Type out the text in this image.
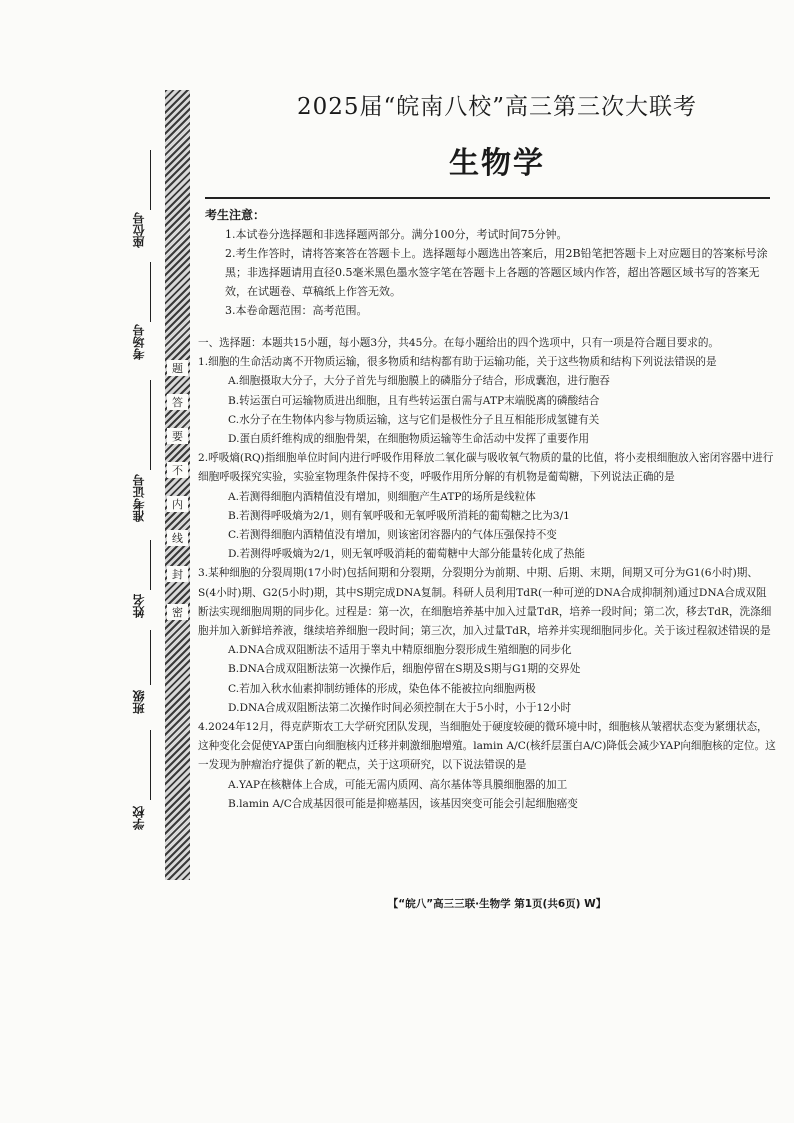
题
答
要
不
内
线
封
密
座位号
考场号
准考证号
姓名
班级
学校
2025届“皖南八校”高三第三次大联考
生物学
考生注意：
1.本试卷分选择题和非选择题两部分。满分100分，考试时间75分钟。
2.考生作答时，请将答案答在答题卡上。选择题每小题选出答案后，用2B铅笔把答题卡上对应题目的答案标号涂黑；非选择题请用直径0.5毫米黑色墨水签字笔在答题卡上各题的答题区域内作答，超出答题区域书写的答案无效，在试题卷、草稿纸上作答无效。
3.本卷命题范围：高考范围。
一、选择题：本题共15小题，每小题3分，共45分。在每小题给出的四个选项中，只有一项是符合题目要求的。
1.细胞的生命活动离不开物质运输，很多物质和结构都有助于运输功能，关于这些物质和结构下列说法错误的是
A.细胞摄取大分子，大分子首先与细胞膜上的磷脂分子结合，形成囊泡，进行胞吞
B.转运蛋白可运输物质进出细胞，且有些转运蛋白需与ATP末端脱离的磷酸结合
C.水分子在生物体内参与物质运输，这与它们是极性分子且互相能形成氢键有关
D.蛋白质纤维构成的细胞骨架，在细胞物质运输等生命活动中发挥了重要作用
2.呼吸熵(RQ)指细胞单位时间内进行呼吸作用释放二氧化碳与吸收氧气物质的量的比值，将小麦根细胞放入密闭容器中进行细胞呼吸探究实验，实验室物理条件保持不变，呼吸作用所分解的有机物是葡萄糖，下列说法正确的是
A.若测得细胞内酒精值没有增加，则细胞产生ATP的场所是线粒体
B.若测得呼吸熵为2/1，则有氧呼吸和无氧呼吸所消耗的葡萄糖之比为3/1
C.若测得细胞内酒精值没有增加，则该密闭容器内的气体压强保持不变
D.若测得呼吸熵为2/1，则无氧呼吸消耗的葡萄糖中大部分能量转化成了热能
3.某种细胞的分裂周期(17小时)包括间期和分裂期，分裂期分为前期、中期、后期、末期，间期又可分为G1(6小时)期、S(4小时)期、G2(5小时)期，其中S期完成DNA复制。科研人员利用TdR(一种可逆的DNA合成抑制剂)通过DNA合成双阻断法实现细胞周期的同步化。过程是：第一次，在细胞培养基中加入过量TdR，培养一段时间；第二次，移去TdR，洗涤细胞并加入新鲜培养液，继续培养细胞一段时间；第三次，加入过量TdR，培养并实现细胞同步化。关于该过程叙述错误的是
A.DNA合成双阻断法不适用于睾丸中精原细胞分裂形成生殖细胞的同步化
B.DNA合成双阻断法第一次操作后，细胞停留在S期及S期与G1期的交界处
C.若加入秋水仙素抑制纺锤体的形成，染色体不能被拉向细胞两极
D.DNA合成双阻断法第二次操作时间必须控制在大于5小时，小于12小时
4.2024年12月，得克萨斯农工大学研究团队发现，当细胞处于硬度较硬的微环境中时，细胞核从皱褶状态变为紧绷状态，这种变化会促使YAP蛋白向细胞核内迁移并刺激细胞增殖。lamin A/C(核纤层蛋白A/C)降低会减少YAP向细胞核的定位。这一发现为肿瘤治疗提供了新的靶点，关于这项研究，以下说法错误的是
A.YAP在核糖体上合成，可能无需内质网、高尔基体等具膜细胞器的加工
B.lamin A/C合成基因很可能是抑癌基因，该基因突变可能会引起细胞癌变
【“皖八”高三三联·生物学 第1页(共6页) W】
